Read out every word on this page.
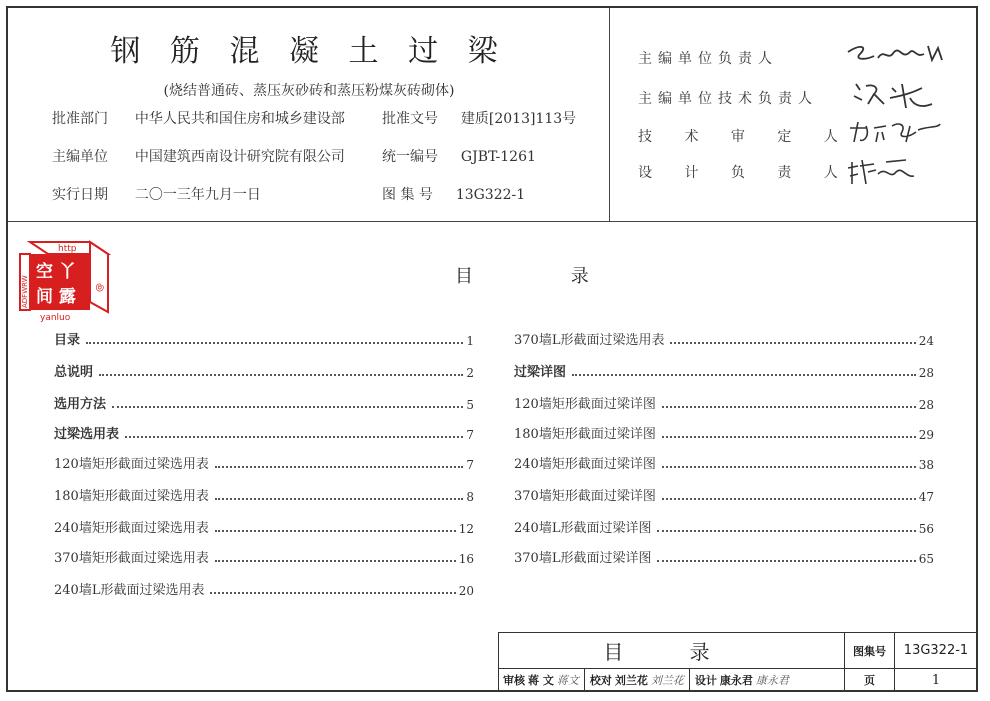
钢 筋 混 凝 土 过 梁
(烧结普通砖、蒸压灰砂砖和蒸压粉煤灰砖砌体)
批准部门 中华人民共和国住房和城乡建设部	批准文号 建质[2013]113号
主编单位 中国建筑西南设计研究院有限公司	统一编号 GJBT-1261
实行日期 二〇一三年九月一日	图 集 号 13G322-1
主编单位负责人
主编单位技术负责人
技 术 审 定 人
设 计 负 责 人
http
空 丫
间 露
yanluo
ADFWRW	@
目 录
目录	1
总说明	2
选用方法	5
过梁选用表	7
120墙矩形截面过梁选用表	7
180墙矩形截面过梁选用表	8
240墙矩形截面过梁选用表	12
370墙矩形截面过梁选用表	16
240墙L形截面过梁选用表	20
370墙L形截面过梁选用表	24
过梁详图	28
120墙矩形截面过梁详图	28
180墙矩形截面过梁详图	29
240墙矩形截面过梁详图	38
370墙矩形截面过梁详图	47
240墙L形截面过梁详图	56
370墙L形截面过梁详图	65
目 录	图集号	13G322-1
审核 蒋 文 蒋文 校对 刘兰花 刘兰花 设计 康永君 康永君	页	1
